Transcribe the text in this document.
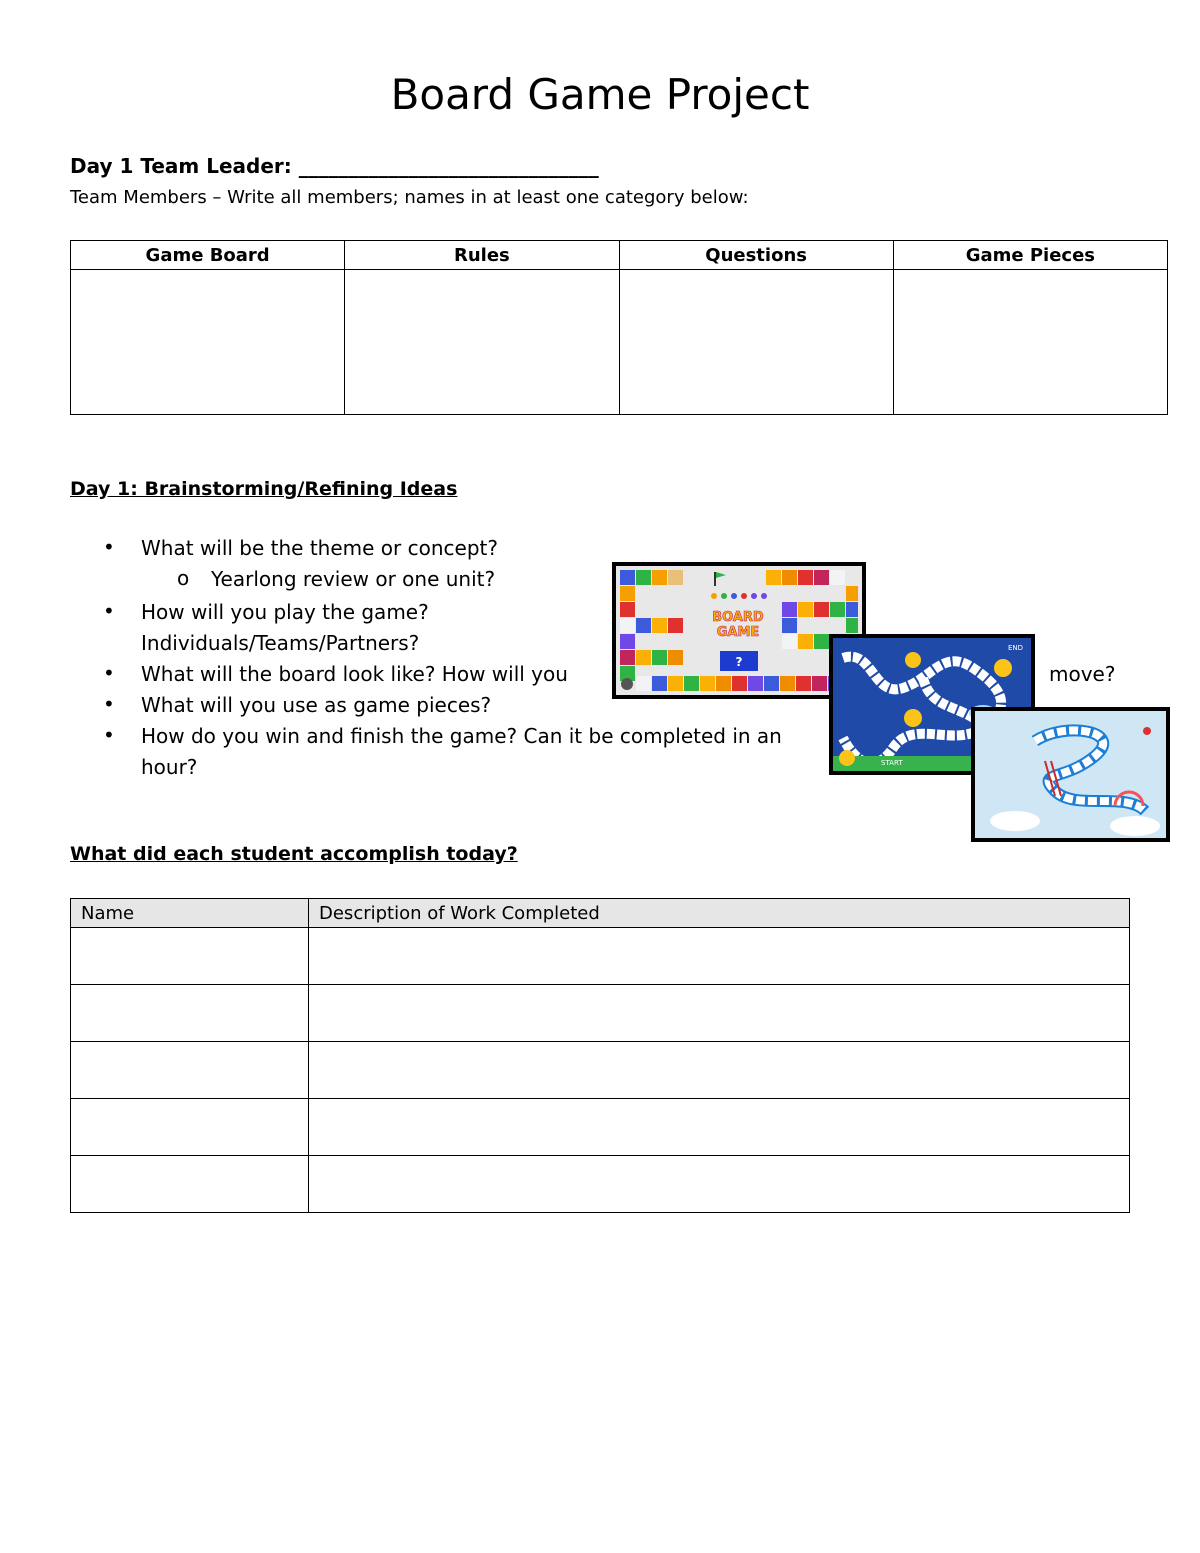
Board Game Project
Day 1 Team Leader: ______________________________
Team Members – Write all members; names in at least one category below:
Game Board	Rules	Questions	Game Pieces

Day 1: Brainstorming/Refining Ideas
• What will be the theme or concept?
o Yearlong review or one unit?
• How will you play the game?
Individuals/Teams/Partners?
• What will the board look like? How will you	move?
• What will you use as game pieces?
• How do you win and finish the game? Can it be completed in an
hour?
BOARD
GAME
?
START
END
What did each student accomplish today?
Name	Description of Work Completed
